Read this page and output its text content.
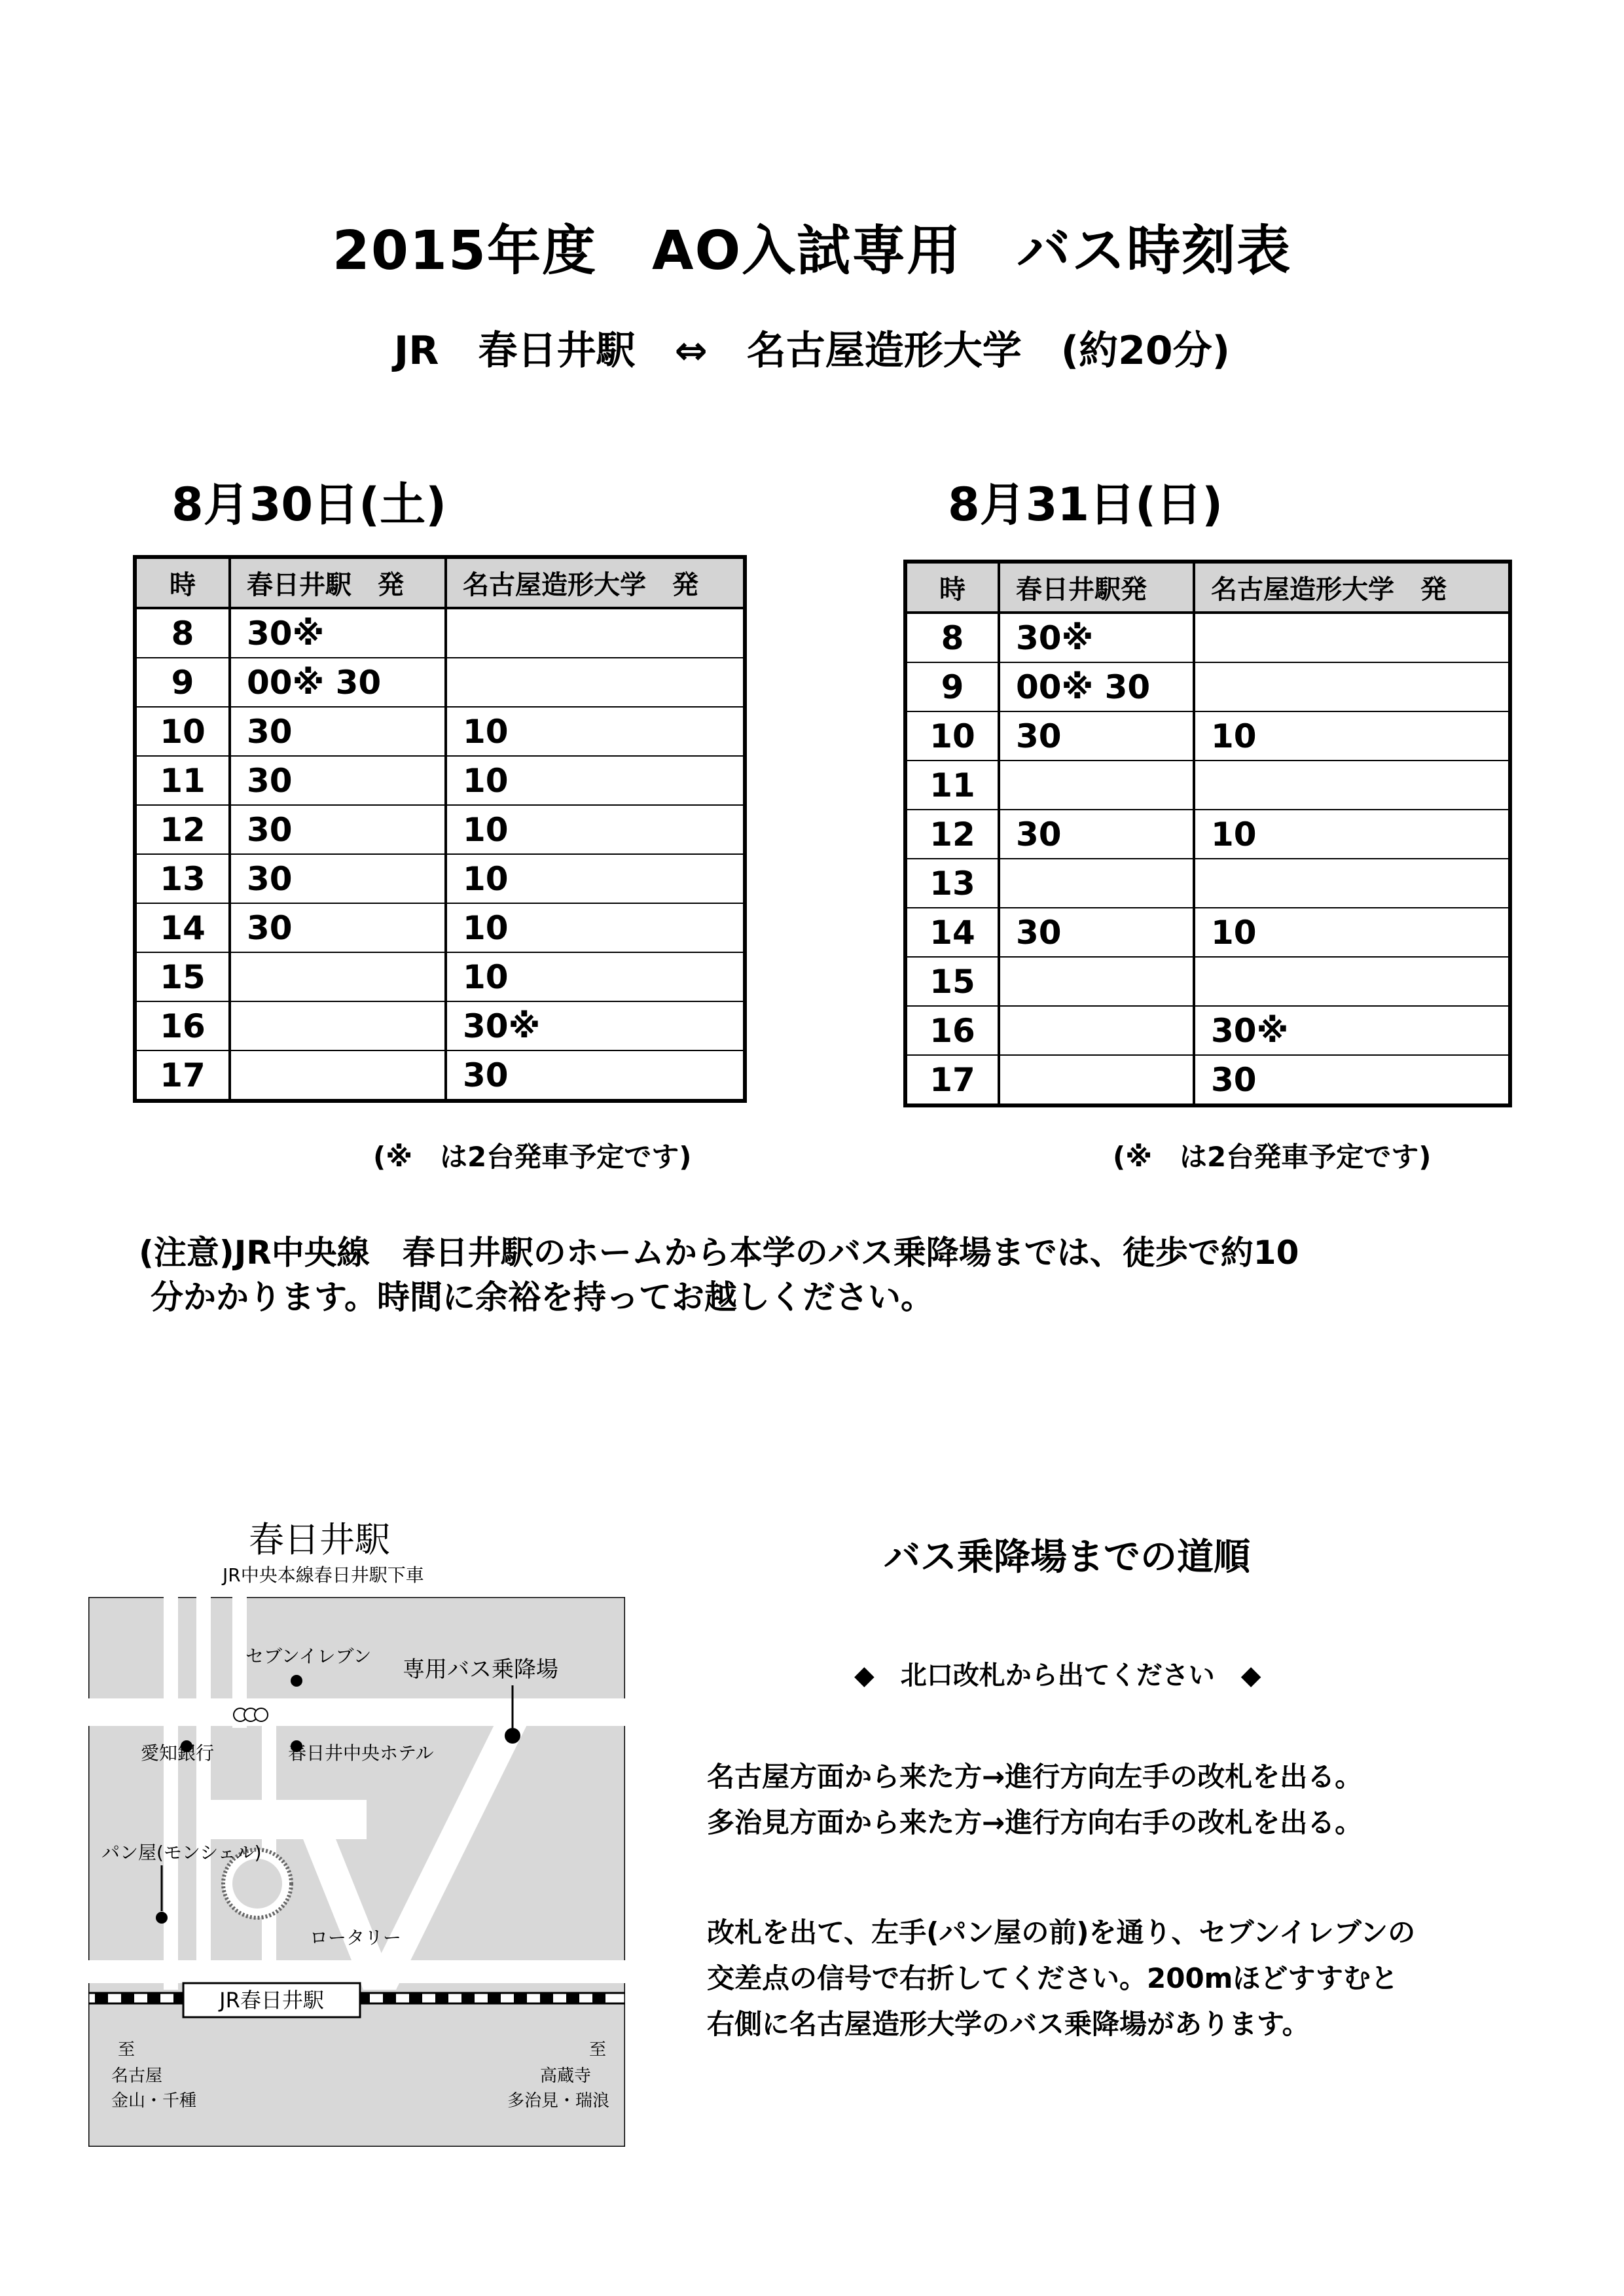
2015年度　AO入試専用　バス時刻表
JR　春日井駅　⇔　名古屋造形大学　(約20分)
8月30日(土)
時	春日井駅　発	名古屋造形大学　発
8	30※	
9	00※ 30	
10	30	10
11	30	10
12	30	10
13	30	10
14	30	10
15		10
16		30※
17		30
(※　は2台発車予定です)
8月31日(日)
時	春日井駅発	名古屋造形大学　発
8	30※	
9	00※ 30	
10	30	10
11		
12	30	10
13		
14	30	10
15		
16		30※
17		30
(※　は2台発車予定です)
(注意)JR中央線　春日井駅のホームから本学のバス乗降場までは、徒歩で約10
分かかります。時間に余裕を持ってお越しください。
春日井駅
JR中央本線春日井駅下車
JR春日井駅
セブンイレブン
専用バス乗降場
愛知銀行	春日井中央ホテル
パン屋(モンシェル)
ロータリー
至
名古屋
金山・千種
至
高蔵寺
多治見・瑞浪
バス乗降場までの道順
◆　北口改札から出てください　◆
名古屋方面から来た方→進行方向左手の改札を出る。
多治見方面から来た方→進行方向右手の改札を出る。
改札を出て、左手(パン屋の前)を通り、セブンイレブンの
交差点の信号で右折してください。200mほどすすむと
右側に名古屋造形大学のバス乗降場があります。
